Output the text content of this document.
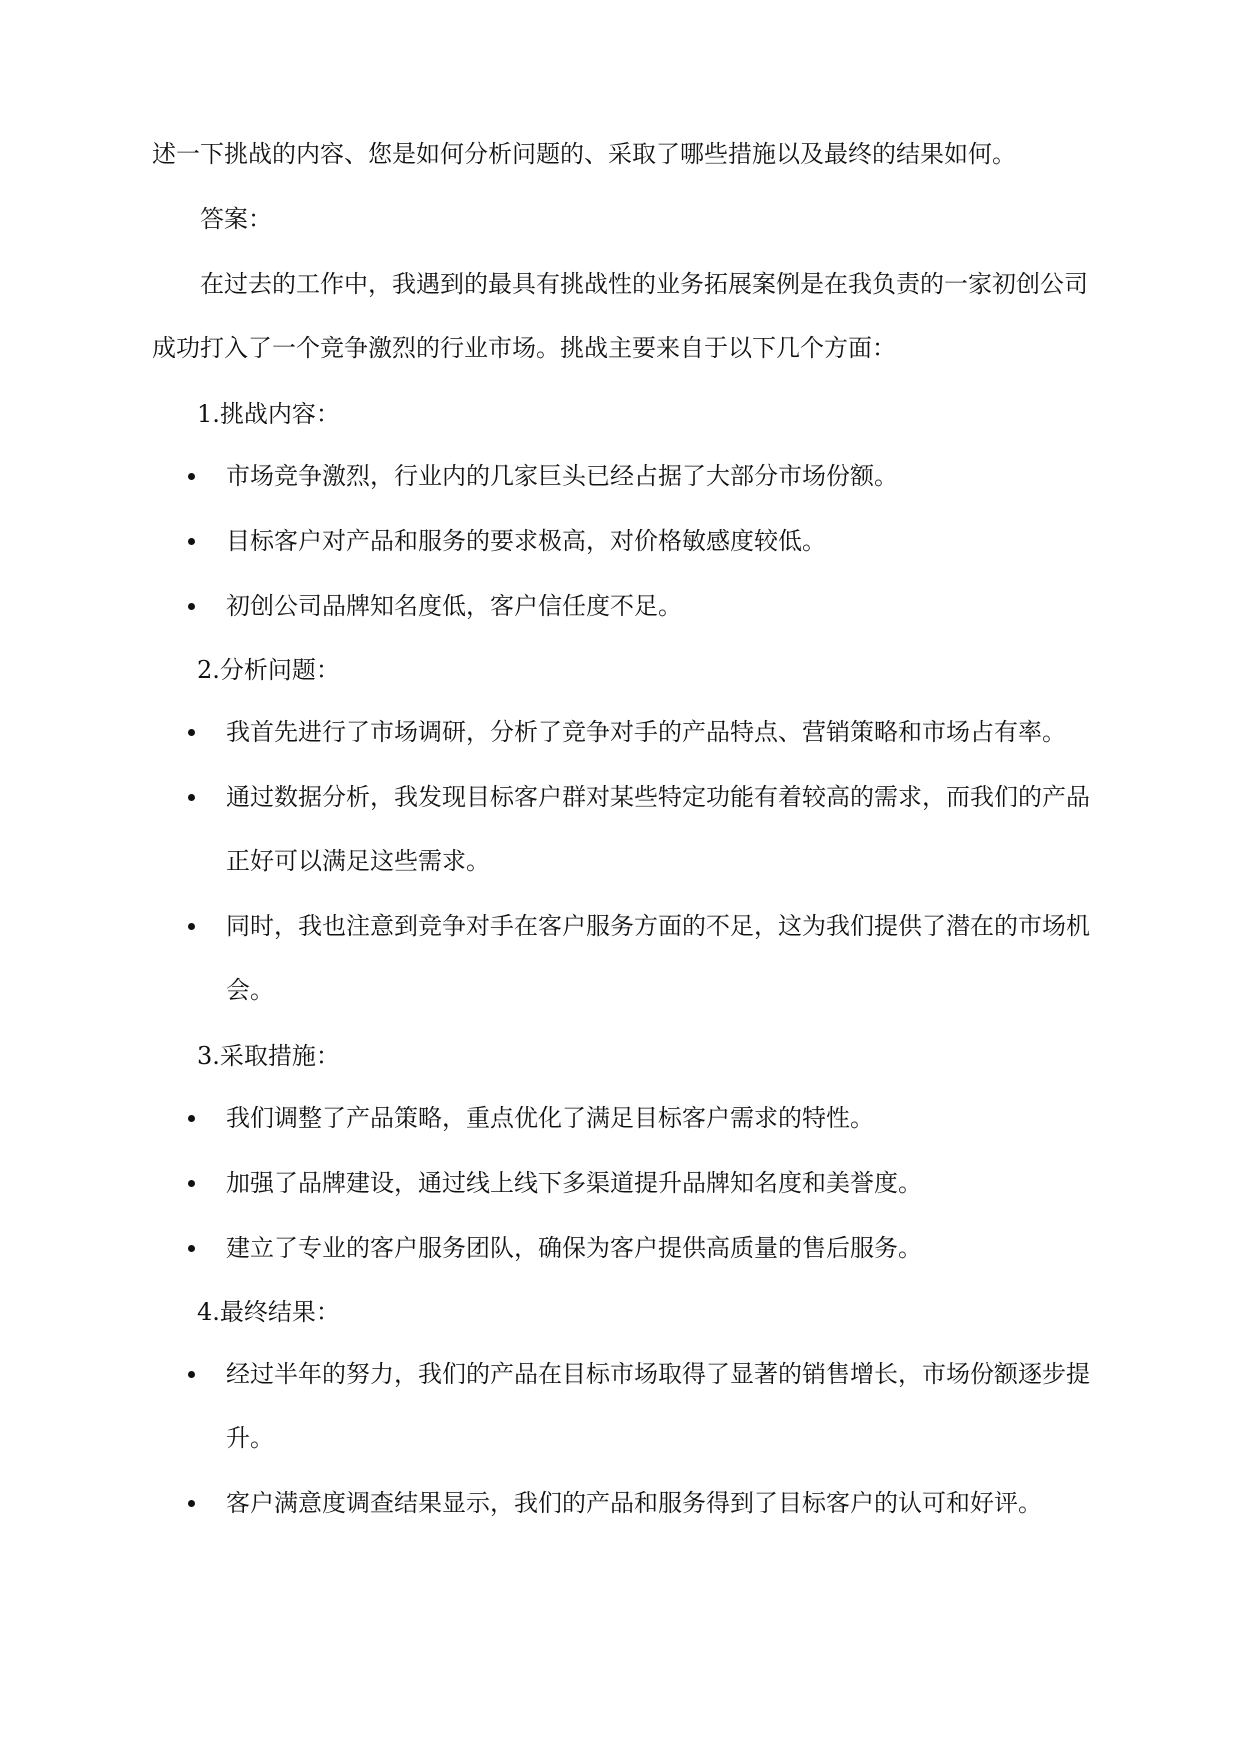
述一下挑战的内容、您是如何分析问题的、采取了哪些措施以及最终的结果如何。

答案：

在过去的工作中，我遇到的最具有挑战性的业务拓展案例是在我负责的一家初创公司成功打入了一个竞争激烈的行业市场。挑战主要来自于以下几个方面：

1.挑战内容：
市场竞争激烈，行业内的几家巨头已经占据了大部分市场份额。
目标客户对产品和服务的要求极高，对价格敏感度较低。
初创公司品牌知名度低，客户信任度不足。
2.分析问题：
我首先进行了市场调研，分析了竞争对手的产品特点、营销策略和市场占有率。
通过数据分析，我发现目标客户群对某些特定功能有着较高的需求，而我们的产品正好可以满足这些需求。
同时，我也注意到竞争对手在客户服务方面的不足，这为我们提供了潜在的市场机会。
3.采取措施：
我们调整了产品策略，重点优化了满足目标客户需求的特性。
加强了品牌建设，通过线上线下多渠道提升品牌知名度和美誉度。
建立了专业的客户服务团队，确保为客户提供高质量的售后服务。
4.最终结果：
经过半年的努力，我们的产品在目标市场取得了显著的销售增长，市场份额逐步提升。
客户满意度调查结果显示，我们的产品和服务得到了目标客户的认可和好评。
